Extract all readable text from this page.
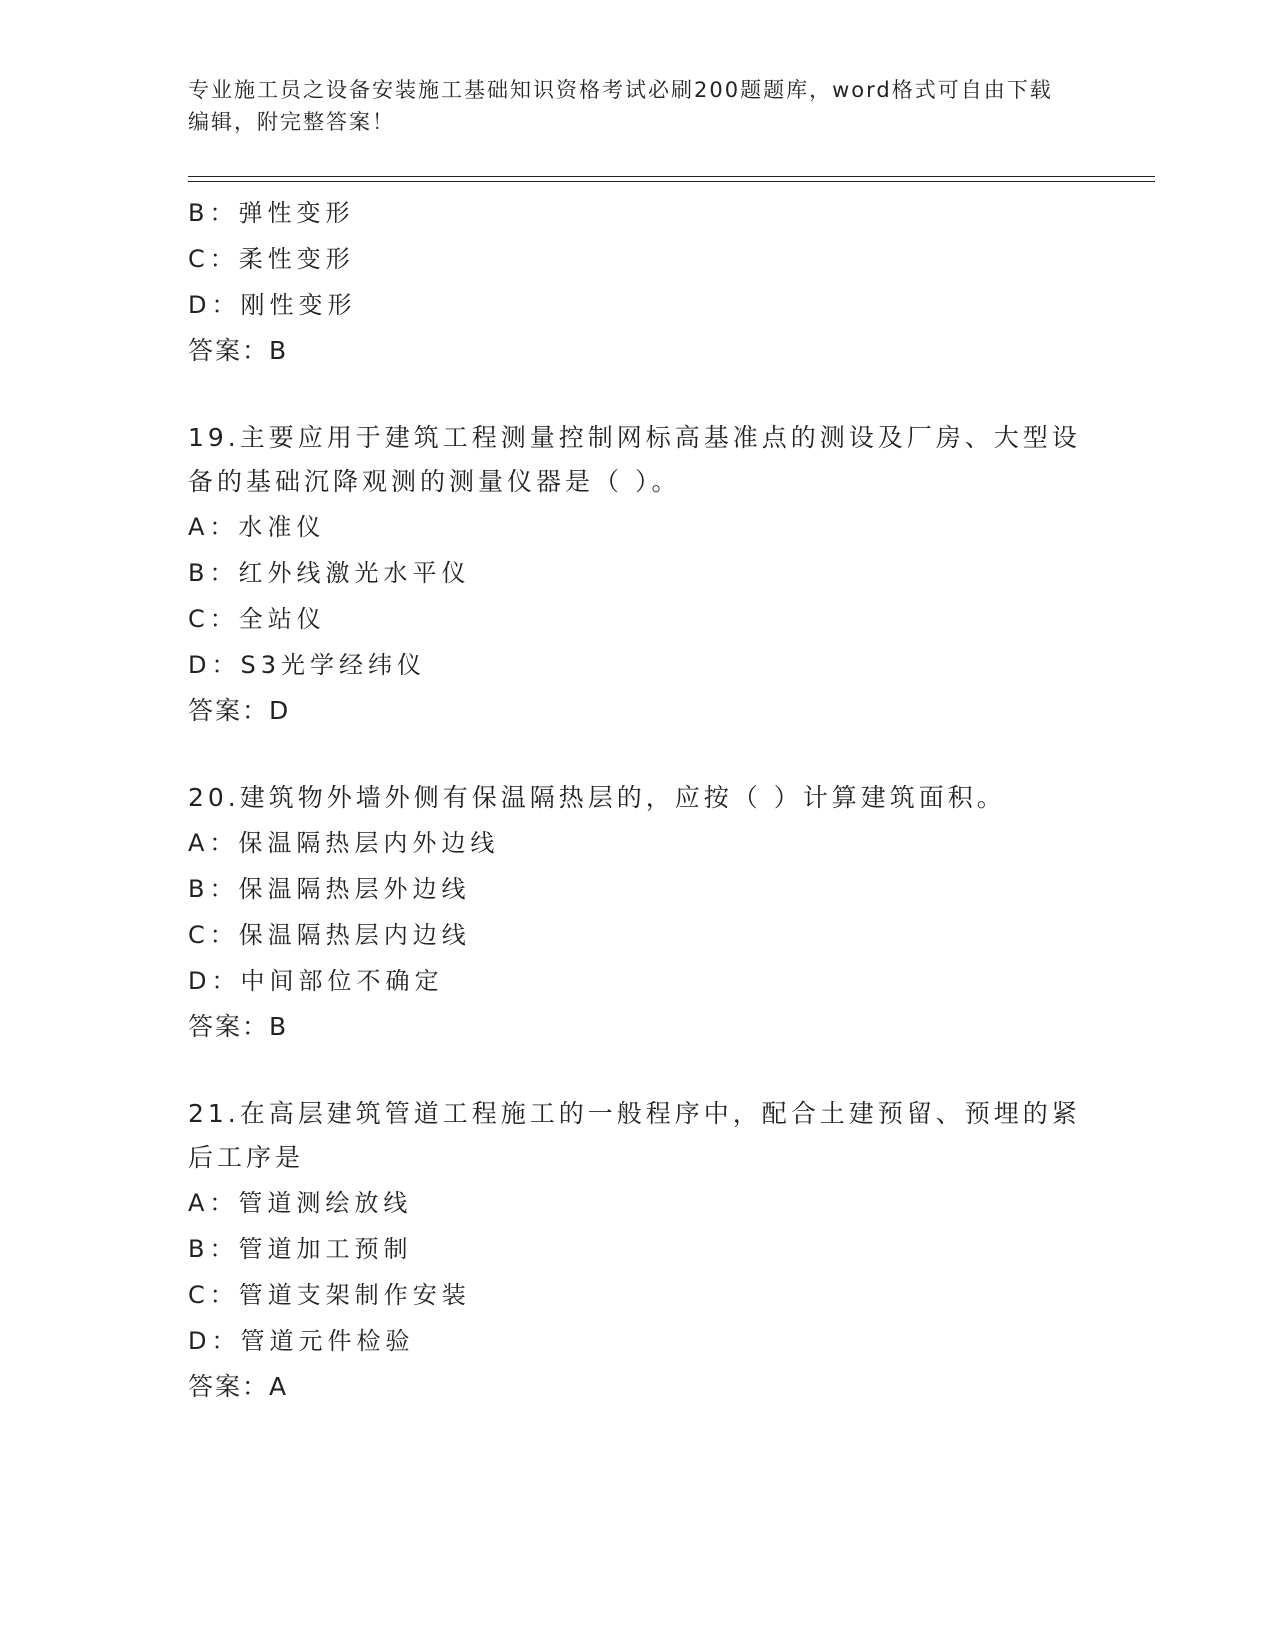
专业施工员之设备安装施工基础知识资格考试必刷200题题库，word格式可自由下载编辑，附完整答案！
B：弹性变形
C：柔性变形
D：刚性变形
答案：B
19.主要应用于建筑工程测量控制网标高基准点的测设及厂房、大型设备的基础沉降观测的测量仪器是（ ）。
A：水准仪
B：红外线激光水平仪
C：全站仪
D：S3光学经纬仪
答案：D
20.建筑物外墙外侧有保温隔热层的，应按（ ）计算建筑面积。
A：保温隔热层内外边线
B：保温隔热层外边线
C：保温隔热层内边线
D：中间部位不确定
答案：B
21.在高层建筑管道工程施工的一般程序中，配合土建预留、预埋的紧后工序是
A：管道测绘放线
B：管道加工预制
C：管道支架制作安装
D：管道元件检验
答案：A
